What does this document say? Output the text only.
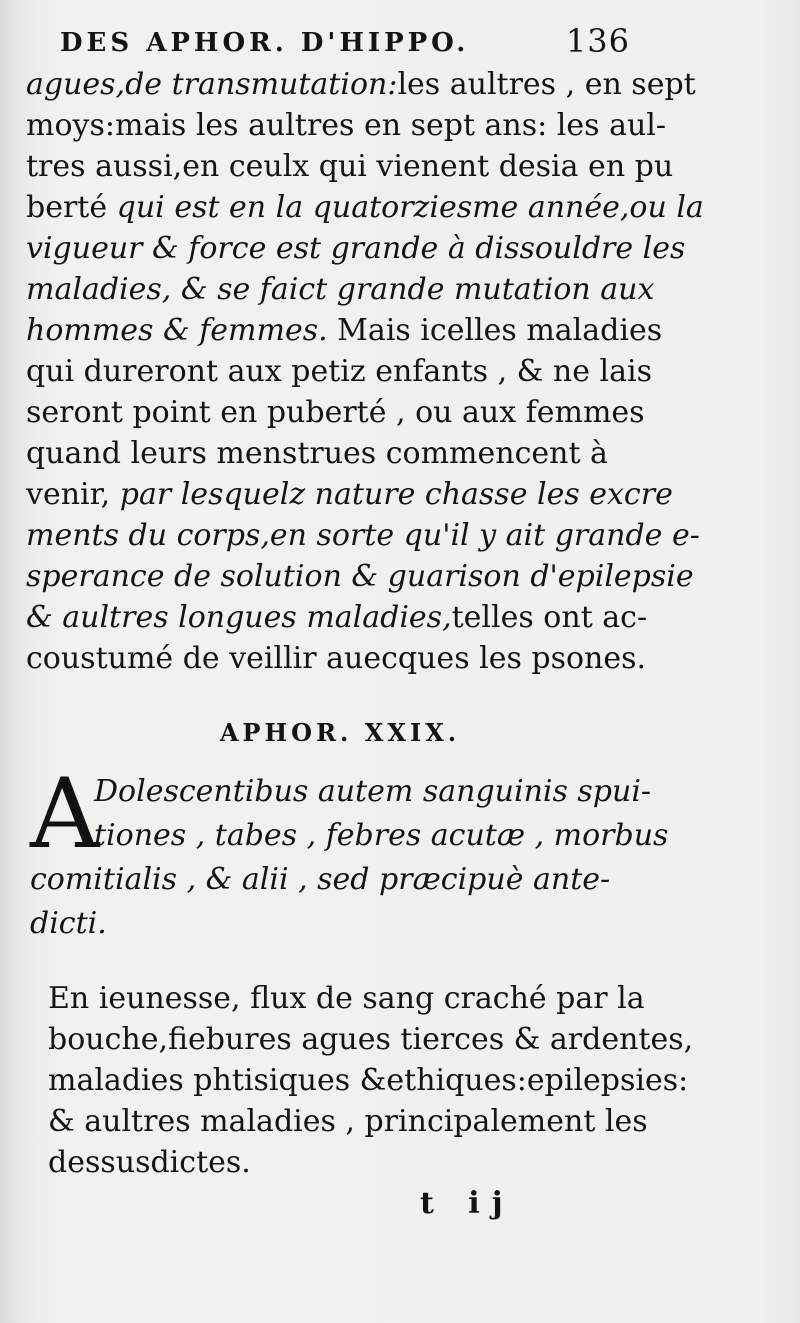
DES APHOR. D'HIPPO.	136
agues,de transmutation:les aultres , en sept
moys:mais les aultres en sept ans: les aul-
tres aussi,en ceulx qui vienent desia en pu
berté qui est en la quatorziesme année,ou la
vigueur & force est grande à dissouldre les
maladies, & se faict grande mutation aux
hommes & femmes. Mais icelles maladies
qui dureront aux petiz enfants , & ne lais
seront point en puberté , ou aux femmes
quand leurs menstrues commencent à
venir, par lesquelz nature chasse les excre
ments du corps,en sorte qu'il y ait grande e-
sperance de solution & guarison d'epilepsie
& aultres longues maladies,telles ont ac-
coustumé de veillir auecques les psones.
APHOR. XXIX.
A
Dolescentibus autem sanguinis spui-
tiones , tabes , febres acutæ , morbus
comitialis , & alii , sed præcipuè ante-
dicti.
En ieunesse, flux de sang craché par la
bouche,fiebures agues tierces & ardentes,
maladies phtisiques &ethiques:epilepsies:
& aultres maladies , principalement les
dessusdictes.
t ij
